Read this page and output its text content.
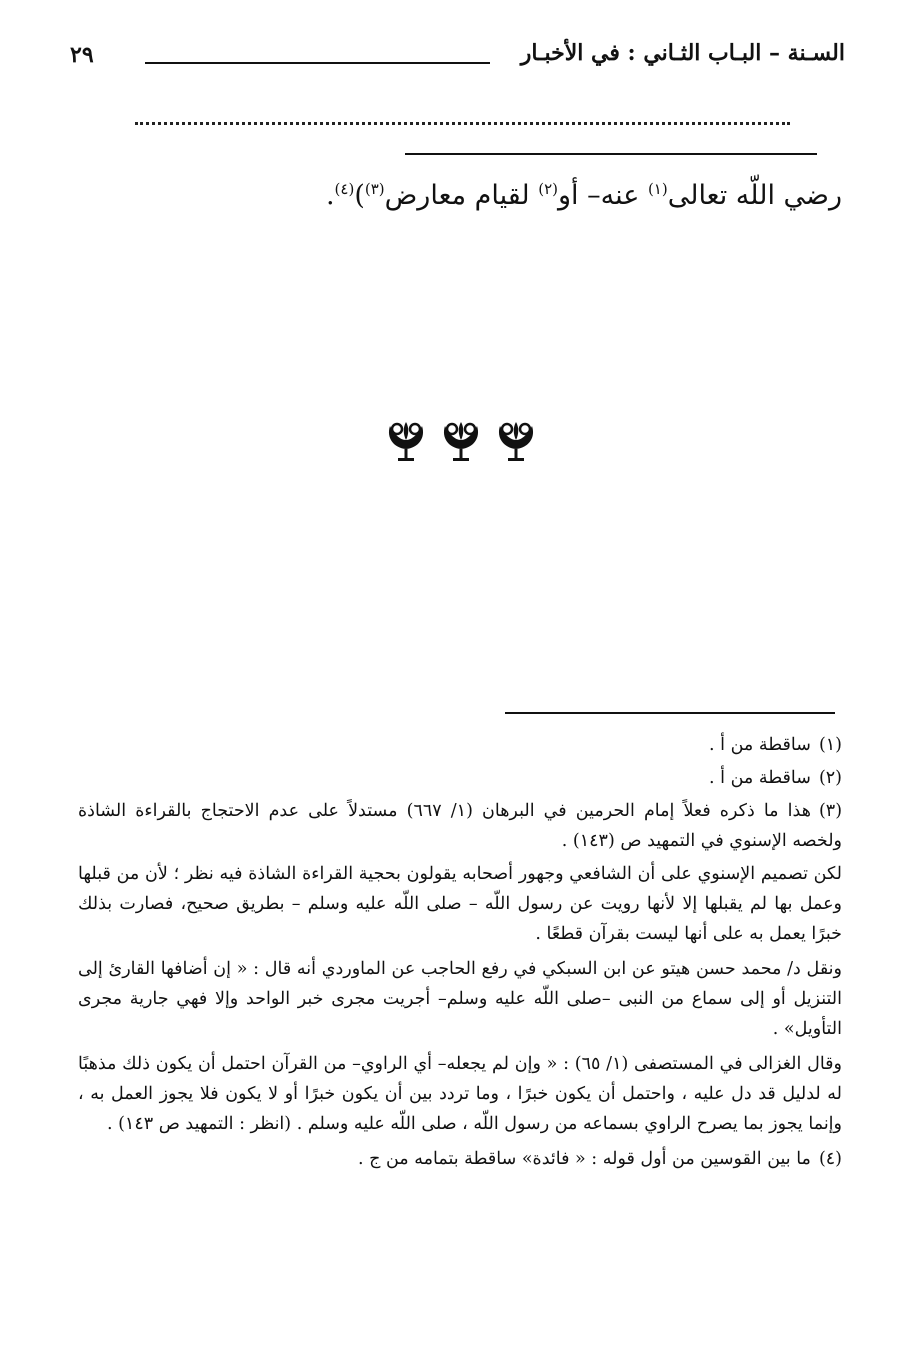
السـنة – البـاب الثـاني : في الأخبـار
٢٩
رضي اللّه تعالى$^{(١)}$ عنه– أو$^{(٢)}$ لقيام معارض$^{(٣)}$)$^{(٤)}$.

(١)ساقطة من أ .

(٢)ساقطة من أ .

(٣)هذا ما ذكره فعلاً إمام الحرمين في البرهان (١/ ٦٦٧) مستدلاً على عدم الاحتجاج بالقراءة الشاذة ولخصه الإسنوي في التمهيد ص (١٤٣) .

لكن تصميم الإسنوي على أن الشافعي وجهور أصحابه يقولون بحجية القراءة الشاذة فيه نظر ؛ لأن من قبلها وعمل بها لم يقبلها إلا لأنها رويت عن رسول اللّه – صلى اللّه عليه وسلم – بطريق صحيح، فصارت بذلك خبرًا يعمل به على أنها ليست بقرآن قطعًا .

ونقل د/ محمد حسن هيتو عن ابن السبكي في رفع الحاجب عن الماوردي أنه قال : « إن أضافها القارئ إلى التنزيل أو إلى سماع من النبى –صلى اللّه عليه وسلم– أجريت مجرى خبر الواحد وإلا فهي جارية مجرى التأويل» .

وقال الغزالى في المستصفى (١/ ٦٥) : « وإن لم يجعله– أي الراوي– من القرآن احتمل أن يكون ذلك مذهبًا له لدليل قد دل عليه ، واحتمل أن يكون خبرًا ، وما تردد بين أن يكون خبرًا أو لا يكون فلا يجوز العمل به ، وإنما يجوز بما يصرح الراوي بسماعه من رسول اللّه ، صلى اللّه عليه وسلم . (انظر : التمهيد ص ١٤٣) .

(٤)ما بين القوسين من أول قوله : « فائدة» ساقطة بتمامه من ج .
